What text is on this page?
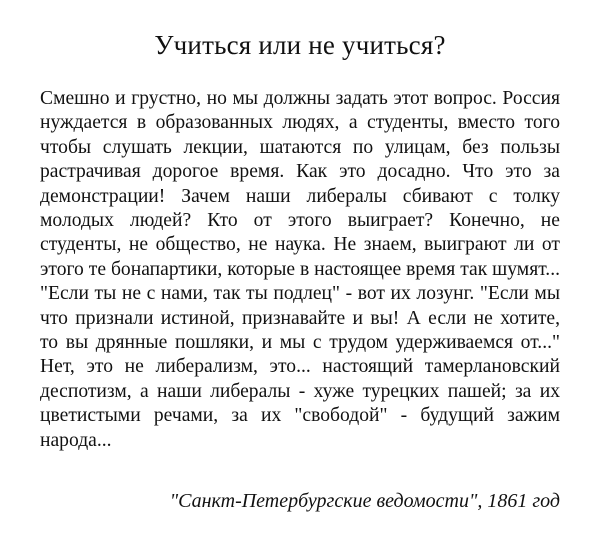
Учиться или не учиться?

Смешно и грустно, но мы должны задать этот вопрос. Россия нуждается в образованных людях, а студенты, вместо того чтобы слушать лекции, шатаются по улицам, без пользы растрачивая дорогое время. Как это досадно. Что это за демонстрации! Зачем наши либералы сбивают с толку молодых людей? Кто от этого выиграет? Конечно, не студенты, не общество, не наука. Не знаем, выиграют ли от этого те бонапартики, которые в настоящее время так шумят... "Если ты не с нами, так ты подлец" - вот их лозунг. "Если мы что признали истиной, признавайте и вы! А если не хотите, то вы дрянные пошляки, и мы с трудом удерживаемся от..." Нет, это не либерализм, это... настоящий тамерлановский деспотизм, а наши либералы - хуже турецких пашей; за их цветистыми речами, за их "свободой" - будущий зажим народа...

"Санкт-Петербургские ведомости", 1861 год
